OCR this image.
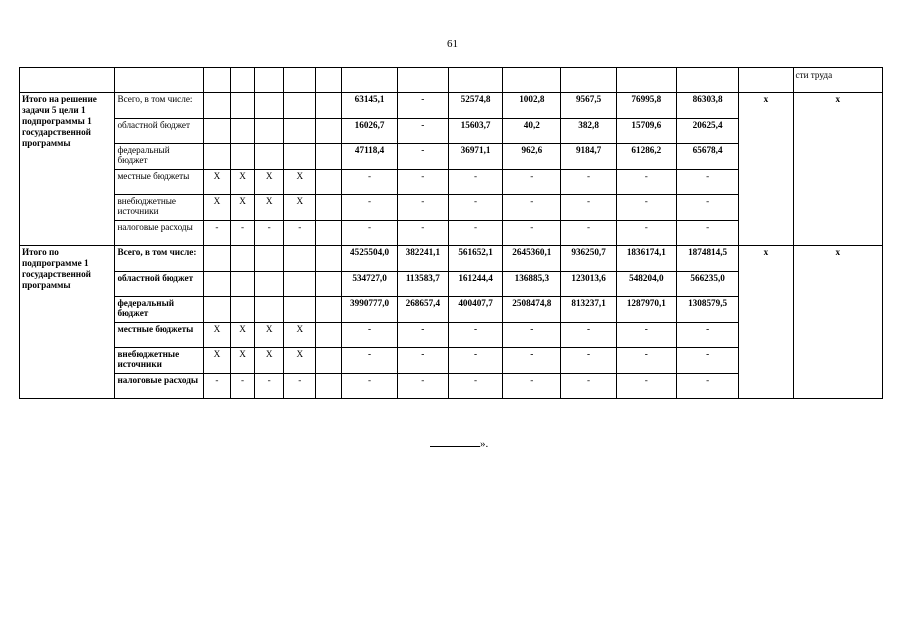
61
															сти труда
Итого на решение задачи 5 цели 1 подпрограммы 1 государственной программы	Всего, в том числе:						63145,1	-	52574,8	1002,8	9567,5	76995,8	86303,8	x	x
	областной бюджет						16026,7	-	15603,7	40,2	382,8	15709,6	20625,4		
	федеральный бюджет						47118,4	-	36971,1	962,6	9184,7	61286,2	65678,4		
	местные бюджеты	X	X	X	X		-	-	-	-	-	-	-		
	внебюджетные источники	X	X	X	X		-	-	-	-	-	-	-		
	налоговые расходы	-	-	-	-		-	-	-	-	-	-	-		
Итого по подпрограмме 1 государственной программы	Всего, в том числе:						4525504,0	382241,1	561652,1	2645360,1	936250,7	1836174,1	1874814,5	x	x
	областной бюджет						534727,0	113583,7	161244,4	136885,3	123013,6	548204,0	566235,0		
	федеральный бюджет						3990777,0	268657,4	400407,7	2508474,8	813237,1	1287970,1	1308579,5		
	местные бюджеты	X	X	X	X		-	-	-	-	-	-	-		
	внебюджетные источники	X	X	X	X		-	-	-	-	-	-	-		
	налоговые расходы	-	-	-	-		-	-	-	-	-	-	-		
».
